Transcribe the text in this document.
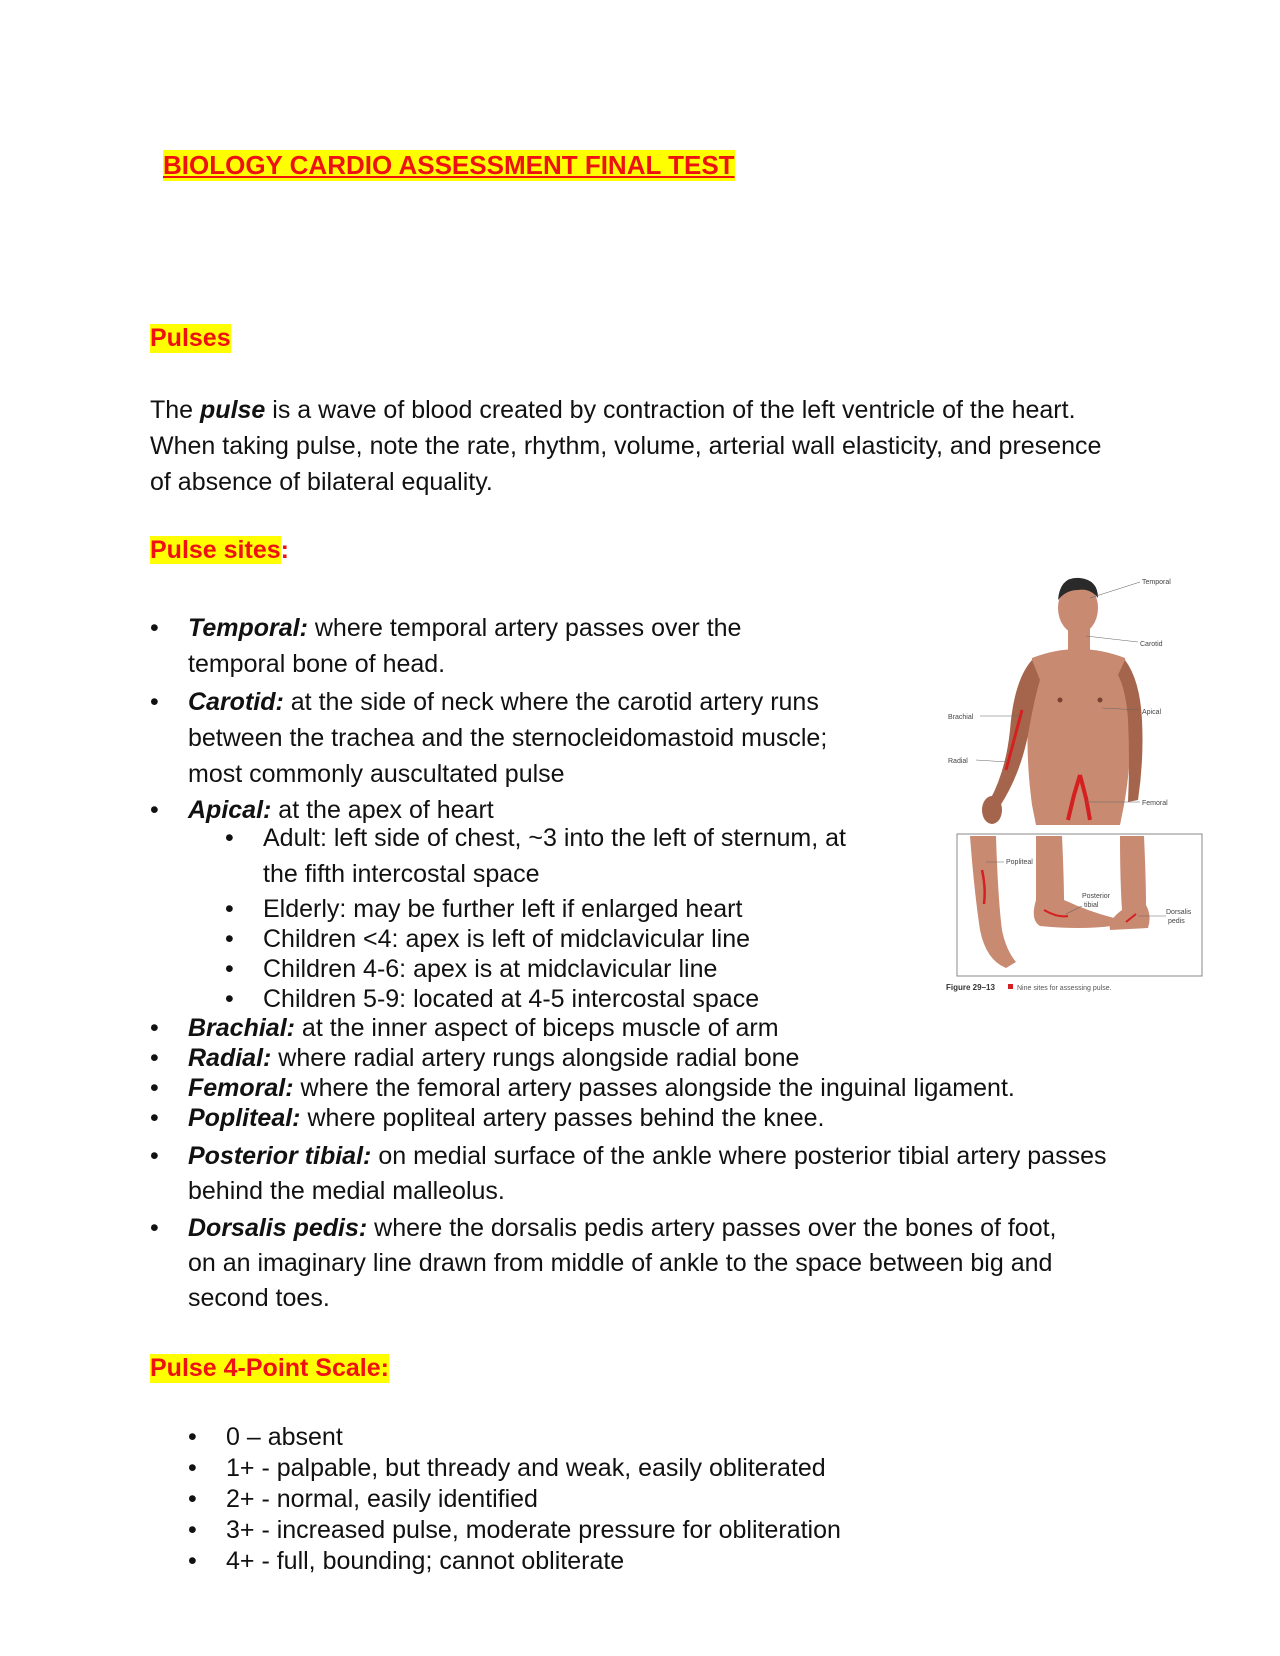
BIOLOGY CARDIO ASSESSMENT FINAL TEST
Pulses

The pulse is a wave of blood created by contraction of the left ventricle of the heart. When taking pulse, note the rate, rhythm, volume, arterial wall elasticity, and presence of absence of bilateral equality.

Pulse sites:
• Temporal: where temporal artery passes over the temporal bone of head.
• Carotid: at the side of neck where the carotid artery runs between the trachea and the sternocleidomastoid muscle; most commonly auscultated pulse
• Apical: at the apex of heart
• Adult: left side of chest, ~3 into the left of sternum, at the fifth intercostal space
• Elderly: may be further left if enlarged heart
• Children <4: apex is left of midclavicular line
• Children 4-6: apex is at midclavicular line
• Children 5-9: located at 4-5 intercostal space
• Brachial: at the inner aspect of biceps muscle of arm
• Radial: where radial artery rungs alongside radial bone
• Femoral: where the femoral artery passes alongside the inguinal ligament.
• Popliteal: where popliteal artery passes behind the knee.
• Posterior tibial: on medial surface of the ankle where posterior tibial artery passes behind the medial malleolus.
• Dorsalis pedis: where the dorsalis pedis artery passes over the bones of foot, on an imaginary line drawn from middle of ankle to the space between big and second toes.
Temporal
Carotid
Apical
Brachial
Radial
Femoral
Popliteal
Posterior
tibial
Dorsalis
pedis
Figure 29–13	Nine sites for assessing pulse.
Pulse 4-Point Scale:
• 0 – absent
• 1+ - palpable, but thready and weak, easily obliterated
• 2+ - normal, easily identified
• 3+ - increased pulse, moderate pressure for obliteration
• 4+ - full, bounding; cannot obliterate
